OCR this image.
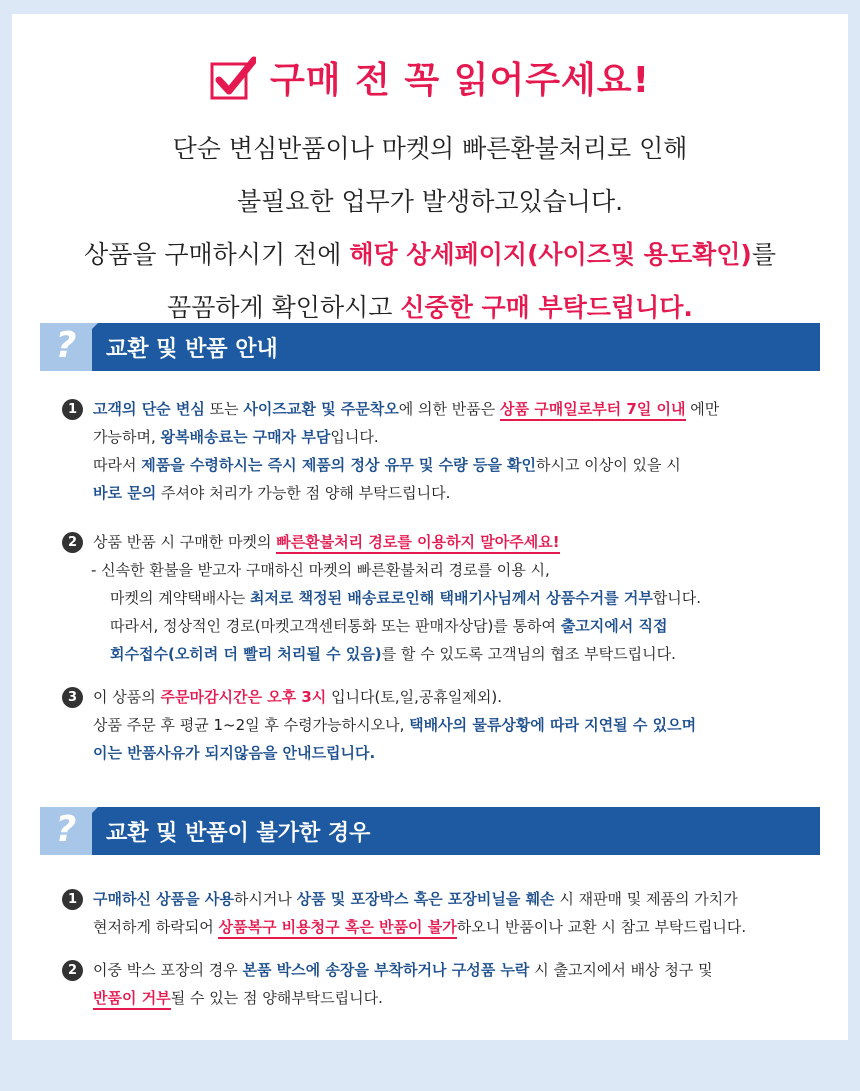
구매 전 꼭 읽어주세요!
단순 변심반품이나 마켓의 빠른환불처리로 인해
불필요한 업무가 발생하고있습니다.
상품을 구매하시기 전에 해당 상세페이지(사이즈및 용도확인)를
꼼꼼하게 확인하시고 신중한 구매 부탁드립니다.
?	교환 및 반품 안내
1 고객의 단순 변심 또는 사이즈교환 및 주문착오에 의한 반품은 상품 구매일로부터 7일 이내 에만
가능하며, 왕복배송료는 구매자 부담입니다.
따라서 제품을 수령하시는 즉시 제품의 정상 유무 및 수량 등을 확인하시고 이상이 있을 시
바로 문의 주셔야 처리가 가능한 점 양해 부탁드립니다.
2 상품 반품 시 구매한 마켓의 빠른환불처리 경로를 이용하지 말아주세요!
- 신속한 환불을 받고자 구매하신 마켓의 빠른환불처리 경로를 이용 시,
마켓의 계약택배사는 최저로 책정된 배송료로인해 택배기사님께서 상품수거를 거부합니다.
따라서, 정상적인 경로(마켓고객센터통화 또는 판매자상담)를 통하여 출고지에서 직접
회수접수(오히려 더 빨리 처리될 수 있음)를 할 수 있도록 고객님의 협조 부탁드립니다.
3 이 상품의 주문마감시간은 오후 3시 입니다(토,일,공휴일제외).
상품 주문 후 평균 1~2일 후 수령가능하시오나, 택배사의 물류상황에 따라 지연될 수 있으며
이는 반품사유가 되지않음을 안내드립니다.
?	교환 및 반품이 불가한 경우
1 구매하신 상품을 사용하시거나 상품 및 포장박스 혹은 포장비닐을 훼손 시 재판매 및 제품의 가치가
현저하게 하락되어 상품복구 비용청구 혹은 반품이 불가하오니 반품이나 교환 시 참고 부탁드립니다.
2 이중 박스 포장의 경우 본품 박스에 송장을 부착하거나 구성품 누락 시 출고지에서 배상 청구 및
반품이 거부될 수 있는 점 양해부탁드립니다.
